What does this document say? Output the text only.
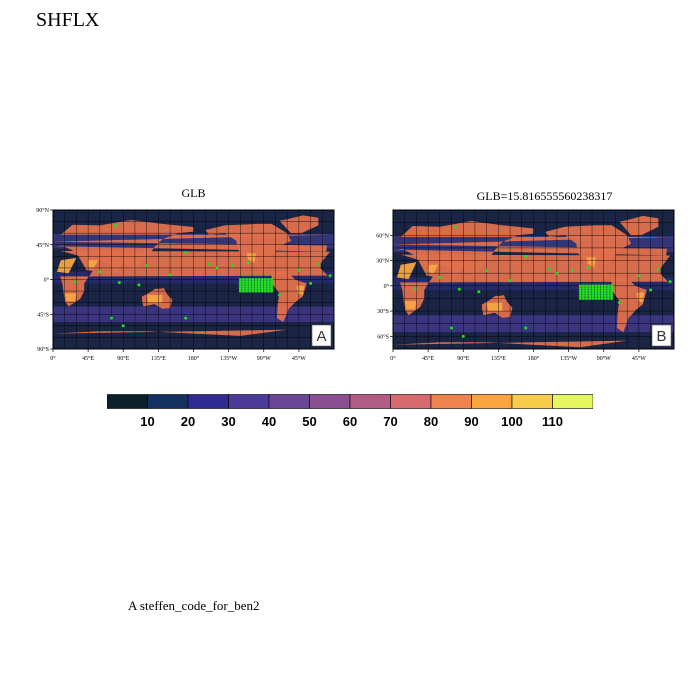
SHFLX
GLB	GLB=15.816555560238317
90°N
45°N
0°
45°S
90°S
0°	45°E	90°E	135°E	180°	135°W	90°W	45°W
A
60°N
30°N
0°
30°S
60°S
0°	45°E	90°E	135°E	180°	135°W	90°W	45°W
B
10 20 30 40 50 60 70 80 90 100 110
A steffen_code_for_ben2
